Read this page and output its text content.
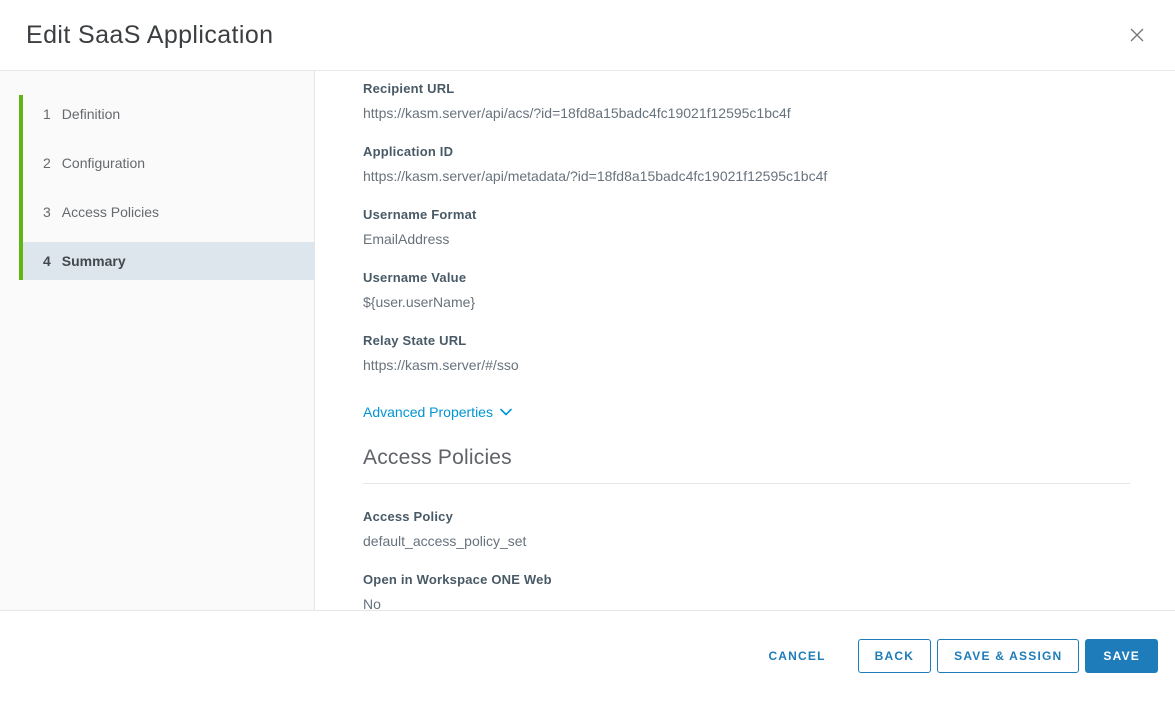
Edit SaaS Application
1 Definition
2 Configuration
3 Access Policies
4 Summary
Recipient URL
https://kasm.server/api/acs/?id=18fd8a15badc4fc19021f12595c1bc4f
Application ID
https://kasm.server/api/metadata/?id=18fd8a15badc4fc19021f12595c1bc4f
Username Format
EmailAddress
Username Value
${user.userName}
Relay State URL
https://kasm.server/#/sso
Advanced Properties
Access Policies
Access Policy
default_access_policy_set
Open in Workspace ONE Web
No
CANCEL	BACK	SAVE & ASSIGN	SAVE
